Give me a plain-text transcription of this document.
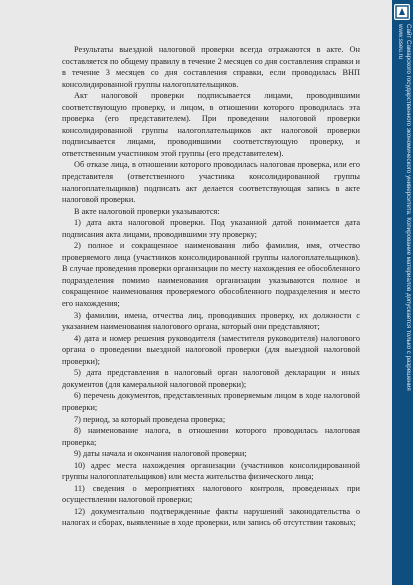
Результаты выездной налоговой проверки всегда отражаются в акте. Он составляется по общему правилу в течение 2 месяцев со дня составления справки и в течение 3 месяцев со дня составления справки, если проводилась ВНП консолидированной группы налогоплательщиков.

Акт налоговой проверки подписывается лицами, проводившими соответствующую проверку, и лицом, в отношении которого проводилась эта проверка (его представителем). При проведении налоговой проверки консолидированной группы налогоплательщиков акт налоговой проверки подписывается лицами, проводившими соответствующую проверку, и ответственным участником этой группы (его представителем).

Об отказе лица, в отношении которого проводилась налоговая проверка, или его представителя (ответственного участника консолидированной группы налогоплательщиков) подписать акт делается соответствующая запись в акте налоговой проверки.

В акте налоговой проверки указываются:

1) дата акта налоговой проверки. Под указанной датой понимается дата подписания акта лицами, проводившими эту проверку;

2) полное и сокращенное наименования либо фамилия, имя, отчество проверяемого лица (участников консолидированной группы налогоплательщиков). В случае проведения проверки организации по месту нахождения ее обособленного подразделения помимо наименования организации указываются полное и сокращенное наименования проверяемого обособленного подразделения и место его нахождения;

3) фамилии, имена, отчества лиц, проводивших проверку, их должности с указанием наименования налогового органа, который они представляют;

4) дата и номер решения руководителя (заместителя руководителя) налогового органа о проведении выездной налоговой проверки (для выездной налоговой проверки);

5) дата представления в налоговый орган налоговой декларации и иных документов (для камеральной налоговой проверки);

6) перечень документов, представленных проверяемым лицом в ходе налоговой проверки;

7) период, за который проведена проверка;

8) наименование налога, в отношении которого проводилась налоговая проверка;

9) даты начала и окончания налоговой проверки;

10) адрес места нахождения организации (участников консолидированной группы налогоплательщиков) или места жительства физического лица;

11) сведения о мероприятиях налогового контроля, проведенных при осуществлении налоговой проверки;

12) документально подтвержденные факты нарушений законодательства о налогах и сборах, выявленные в ходе проверки, или запись об отсутствии таковых;

Сайт Самарского государственного экономического университета. Копирование материалов допускается только с разрешения
www.sseu.ru
